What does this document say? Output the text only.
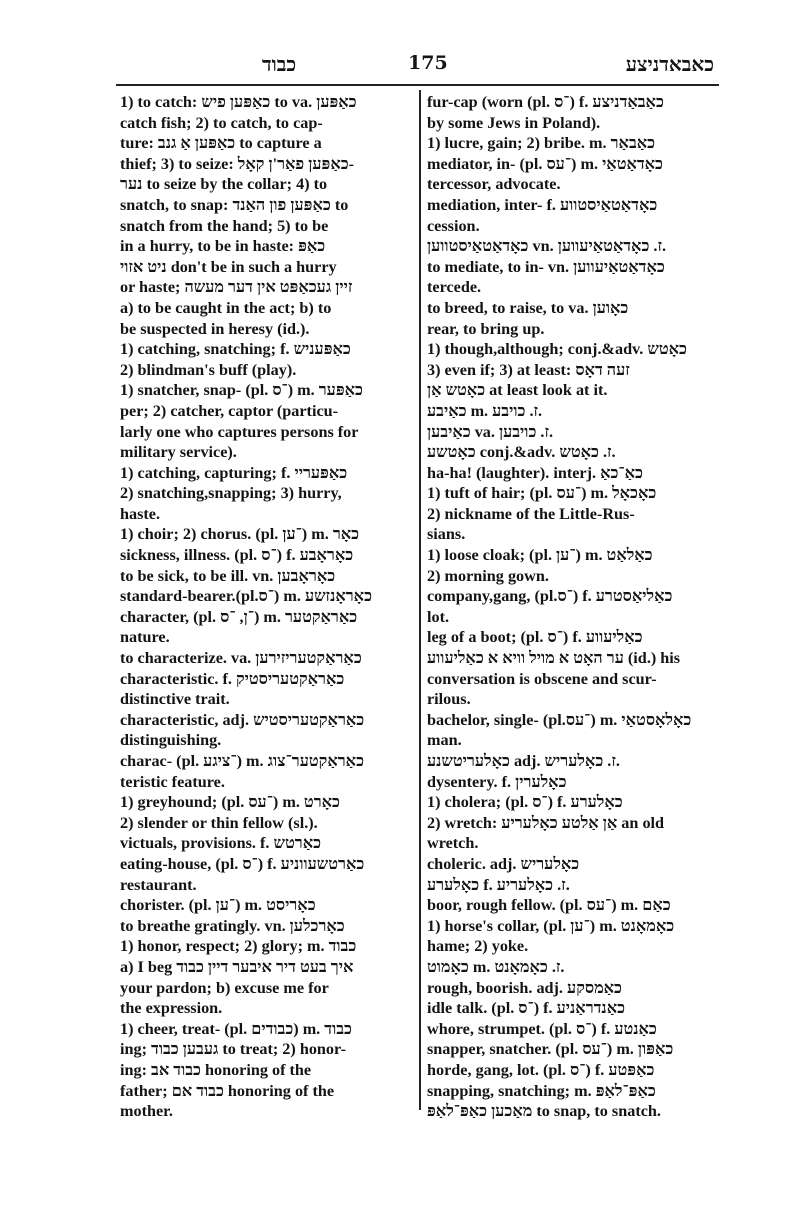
כבוד	175	כאבאדניצע
1) to catch: כאַפּען פיש to va. כאַפּען
catch fish; 2) to catch, to cap-
ture: כאַפּען אַ גנב to capture a
thief; 3) to seize: כאַפּען פאַר'ן קאָל-
נער to seize by the collar; 4) to
snatch, to snap: כאַפּען פון האַנד to
snatch from the hand; 5) to be
in a hurry, to be in haste: כאַפּ
ניט אזוי don't be in such a hurry
or haste; זיין געכאַפּט אין דער מעשה
a) to be caught in the act; b) to
be suspected in heresy (id.).
1) catching, snatching; f. כאַפּעניש
2) blindman's buff (play).
1) snatcher, snap- (pl. ־ס) m. כאַפּער
per; 2) catcher, captor (particu-
larly one who captures persons for
military service).
1) catching, capturing; f. כאַפּעריי
2) snatching,snapping; 3) hurry,
haste.
1) choir; 2) chorus. (pl. ־ען) m. כאָר
sickness, illness. (pl. ־ס) f. כאָראָבע
to be sick, to be ill. vn. כאָראָבען
standard-bearer.(pl.־ס) m. כאָראָנזשע
character, (pl. ־ן, ־ס) m. כאַראַקטער
nature.
to characterize. va. כאַראַקטעריזירען
characteristic. f. כאַראַקטעריסטיק
distinctive trait.
characteristic, adj. כאַראַקטעריסטיש
distinguishing.
charac- (pl. ־ציגע) m. כאַראַקטער־צוג
teristic feature.
1) greyhound; (pl. ־עס) m. כאָרט
2) slender or thin fellow (sl.).
victuals, provisions. f. כאַרטש
eating-house, (pl. ־ס) f. כאַרטשעווניע
restaurant.
chorister. (pl. ־ען) m. כאָריסט
to breathe gratingly. vn. כאָרכלען
1) honor, respect; 2) glory; m. כבוד
a) I beg איך בעט דיר איבער דיין כבוד
your pardon; b) excuse me for
the expression.
1) cheer, treat- (pl. כבודים) m. כבוד
ing; געבען כבוד to treat; 2) honor-
ing: כבוד אב honoring of the
father; כבוד אם honoring of the
mother.
fur-cap (worn (pl. ־ס) f. כאַבאַדניצע
by some Jews in Poland).
1) lucre, gain; 2) bribe. m. כאַבאַר
mediator, in- (pl. ־עס) m. כאָדאַטאַי
tercessor, advocate.
mediation, inter- f. כאָדאַטאַיסטווע
cession.
כאָדאַטאַיסטווען vn. ז. כאָדאַטאַיעווען.
to mediate, to in- vn. כאָדאַטאַיעווען
tercede.
to breed, to raise, to va. כאָוען
rear, to bring up.
1) though,although; conj.&adv. כאָטש
3) even if; 3) at least: זעה דאָס
כאָטש אַן at least look at it.
כאַיבע m. ז. כויבע.
כאַיבען va. ז. כויבען.
כאָטשע conj.&adv. ז. כאָטש.
ha-ha! (laughter). interj. כאַ־כאַ
1) tuft of hair; (pl. ־עס) m. כאָכאָל
2) nickname of the Little-Rus-
sians.
1) loose cloak; (pl. ־ען) m. כאַלאַט
2) morning gown.
company,gang, (pl.־ס) f. כאַליאַסטרע
lot.
leg of a boot; (pl. ־ס) f. כאַליעווע
ער האָט א מויל וויא א כאַליעווע (id.) his
conversation is obscene and scur-
rilous.
bachelor, single- (pl.־עס) m. כאָלאָסטאַי
man.
כאָלעריטשנע adj. ז. כאָלעריש.
dysentery. f. כאָלערין
1) cholera; (pl. ־ס) f. כאָלערע
2) wretch: אַן אַלטע כאָלעריע an old
wretch.
choleric. adj. כאָלעריש
כאָלערע f. ז. כאָלעריע.
boor, rough fellow. (pl. ־עס) m. כאַם
1) horse's collar, (pl. ־ען) m. כאָמאָנט
hame; 2) yoke.
כאָמוט m. ז. כאָמאָנט.
rough, boorish. adj. כאַמסקע
idle talk. (pl. ־ס) f. כאַנדראַניע
whore, strumpet. (pl. ־ס) f. כאַנטע
snapper, snatcher. (pl. ־עס) m. כאַפּון
horde, gang, lot. (pl. ־ס) f. כאַפּטע
snapping, snatching; m. כאַפּ־לאַפּ
מאַכען כאַפּ־לאַפּ to snap, to snatch.
